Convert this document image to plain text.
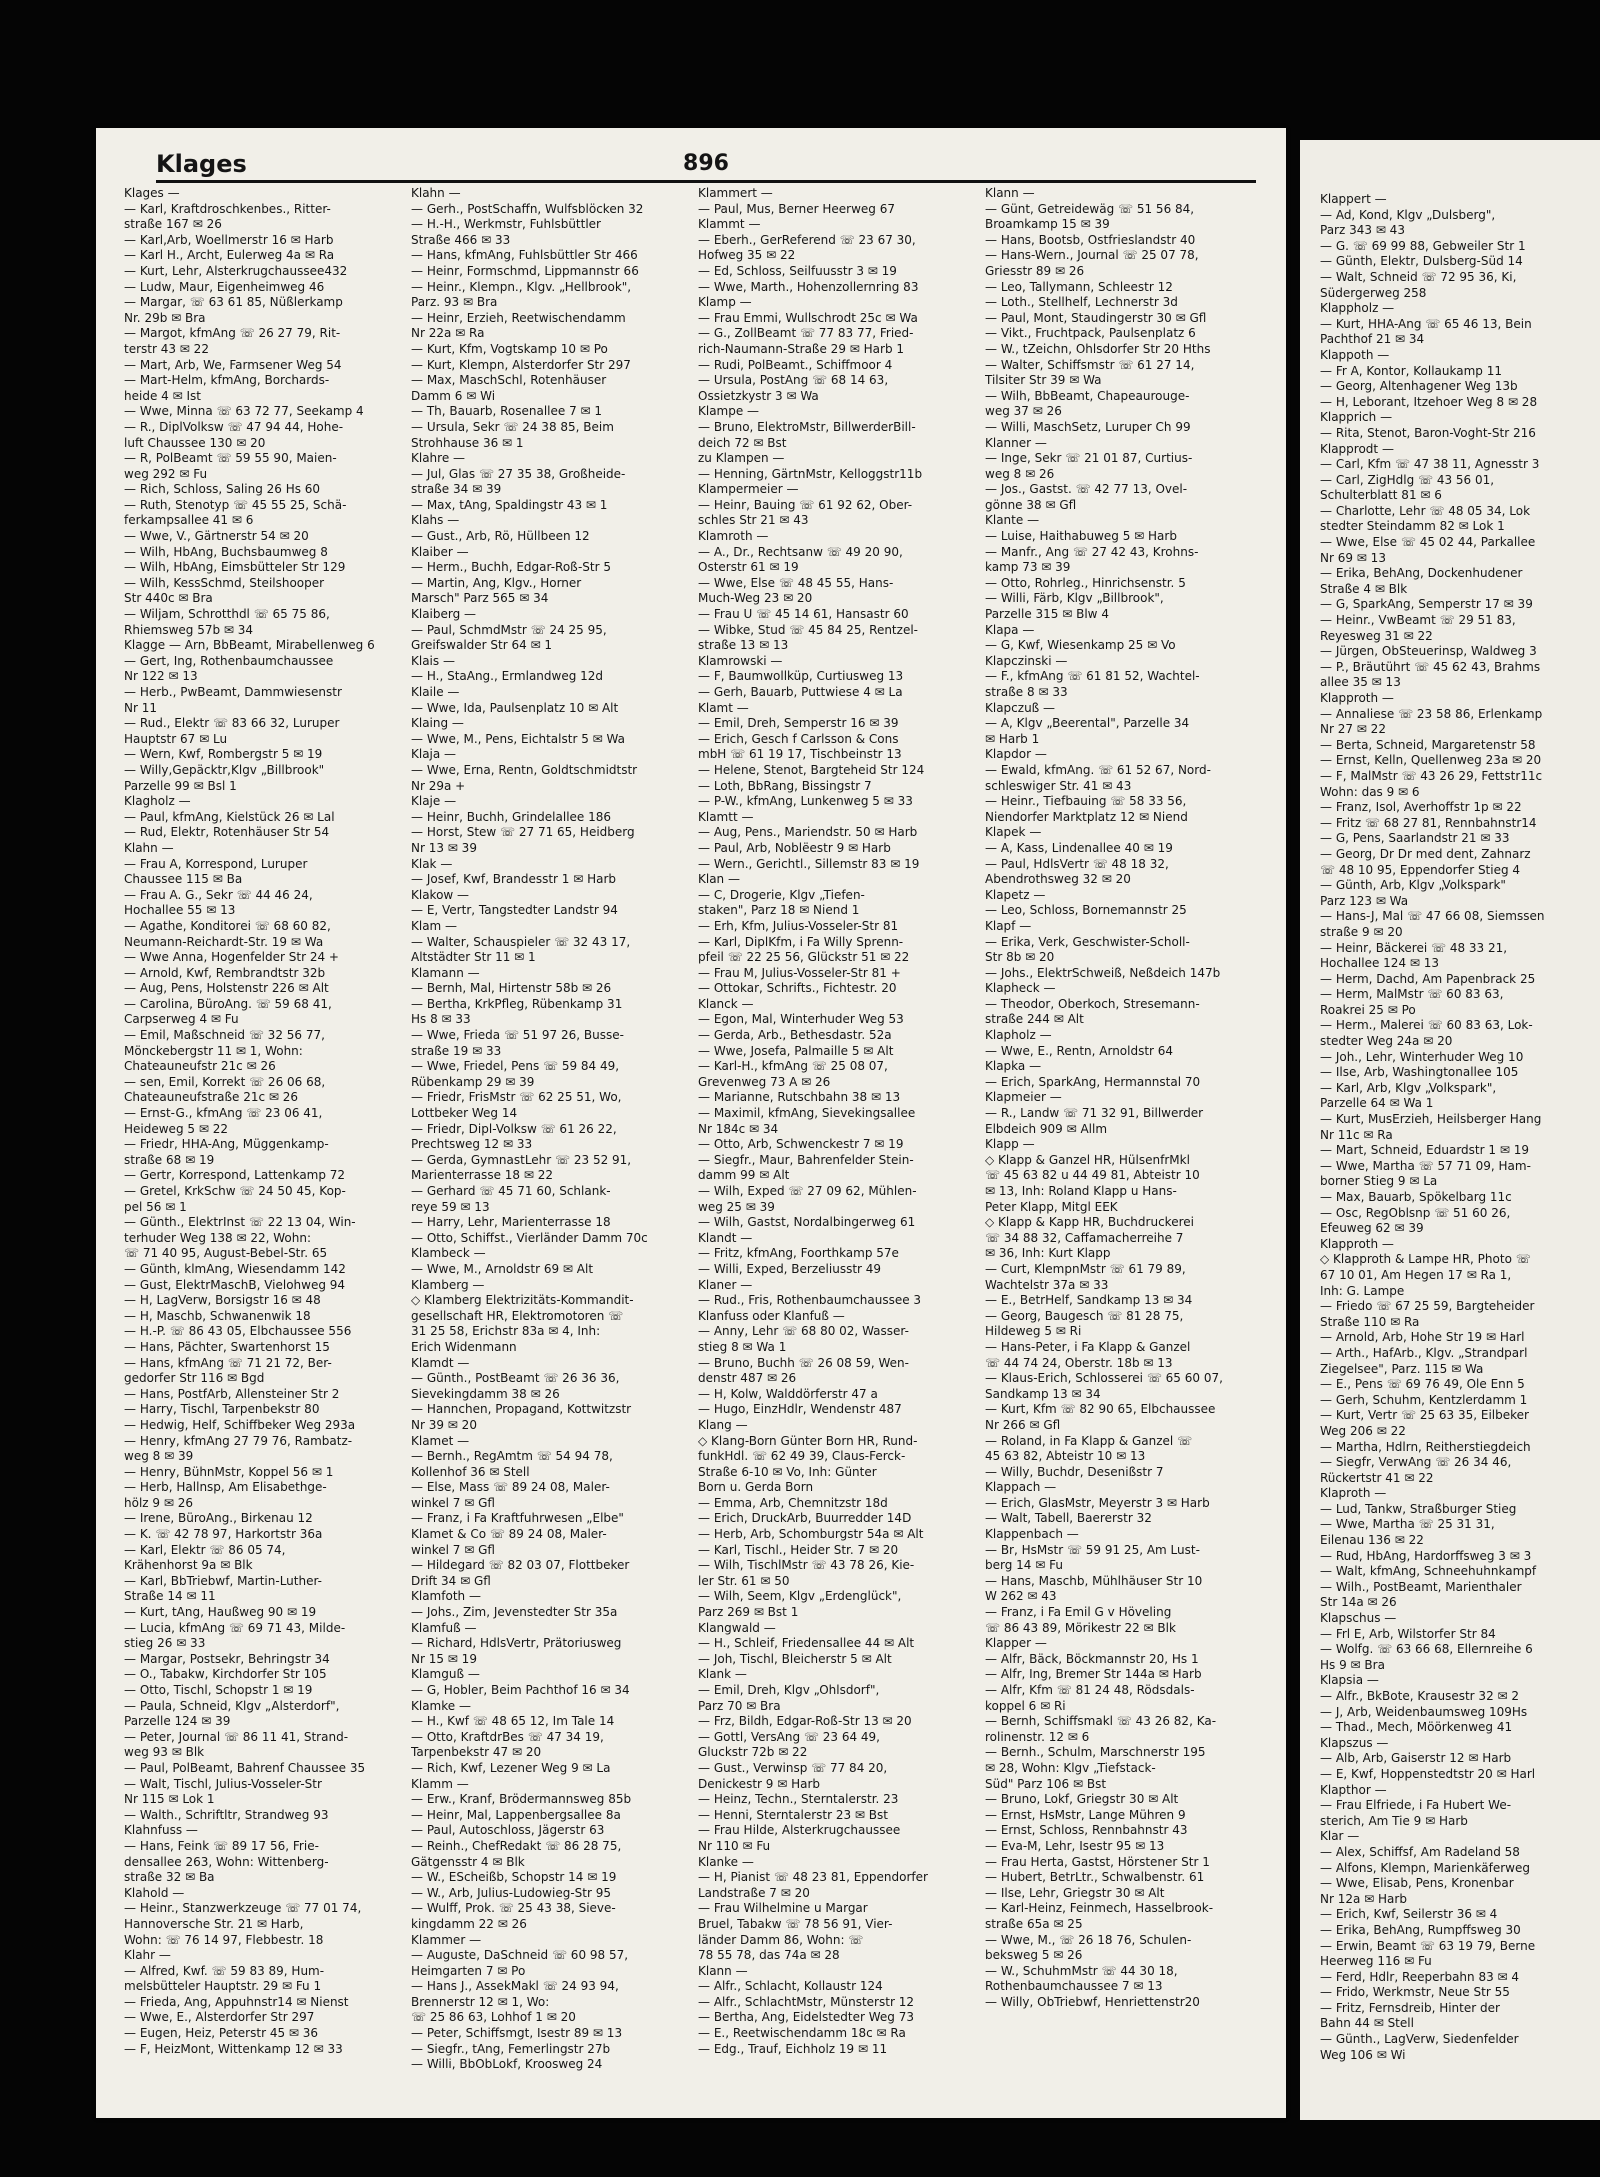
Klages	896
Klages —
— Karl, Kraftdroschkenbes., Ritter-
straße 167 ✉ 26
— Karl,Arb, Woellmerstr 16 ✉ Harb
— Karl H., Archt, Eulerweg 4a ✉ Ra
— Kurt, Lehr, Alsterkrugchaussee432
— Ludw, Maur, Eigenheimweg 46
— Margar, ☏ 63 61 85, Nüßlerkamp
Nr. 29b ✉ Bra
— Margot, kfmAng ☏ 26 27 79, Rit-
terstr 43 ✉ 22
— Mart, Arb, We, Farmsener Weg 54
— Mart-Helm, kfmAng, Borchards-
heide 4 ✉ Ist
— Wwe, Minna ☏ 63 72 77, Seekamp 4
— R., DiplVolksw ☏ 47 94 44, Hohe-
luft Chaussee 130 ✉ 20
— R, PolBeamt ☏ 59 55 90, Maien-
weg 292 ✉ Fu
— Rich, Schloss, Saling 26 Hs 60
— Ruth, Stenotyp ☏ 45 55 25, Schä-
ferkampsallee 41 ✉ 6
— Wwe, V., Gärtnerstr 54 ✉ 20
— Wilh, HbAng, Buchsbaumweg 8
— Wilh, HbAng, Eimsbütteler Str 129
— Wilh, KessSchmd, Steilshooper
Str 440c ✉ Bra
— Wiljam, Schrotthdl ☏ 65 75 86,
Rhiemsweg 57b ✉ 34
Klagge — Arn, BbBeamt, Mirabellenweg 6
— Gert, Ing, Rothenbaumchaussee
Nr 122 ✉ 13
— Herb., PwBeamt, Dammwiesenstr
Nr 11
— Rud., Elektr ☏ 83 66 32, Luruper
Hauptstr 67 ✉ Lu
— Wern, Kwf, Rombergstr 5 ✉ 19
— Willy,Gepäcktr,Klgv „Billbrook"
Parzelle 99 ✉ Bsl 1
Klagholz —
— Paul, kfmAng, Kielstück 26 ✉ Lal
— Rud, Elektr, Rotenhäuser Str 54
Klahn —
— Frau A, Korrespond, Luruper
Chaussee 115 ✉ Ba
— Frau A. G., Sekr ☏ 44 46 24,
Hochallee 55 ✉ 13
— Agathe, Konditorei ☏ 68 60 82,
Neumann-Reichardt-Str. 19 ✉ Wa
— Wwe Anna, Hogenfelder Str 24 +
— Arnold, Kwf, Rembrandtstr 32b
— Aug, Pens, Holstenstr 226 ✉ Alt
— Carolina, BüroAng. ☏ 59 68 41,
Carpserweg 4 ✉ Fu
— Emil, Maßschneid ☏ 32 56 77,
Mönckebergstr 11 ✉ 1, Wohn:
Chateauneufstr 21c ✉ 26
— sen, Emil, Korrekt ☏ 26 06 68,
Chateauneufstraße 21c ✉ 26
— Ernst-G., kfmAng ☏ 23 06 41,
Heideweg 5 ✉ 22
— Friedr, HHA-Ang, Müggenkamp-
straße 68 ✉ 19
— Gertr, Korrespond, Lattenkamp 72
— Gretel, KrkSchw ☏ 24 50 45, Kop-
pel 56 ✉ 1
— Günth., ElektrInst ☏ 22 13 04, Win-
terhuder Weg 138 ✉ 22, Wohn:
☏ 71 40 95, August-Bebel-Str. 65
— Günth, klmAng, Wiesendamm 142
— Gust, ElektrMaschB, Vielohweg 94
— H, LagVerw, Borsigstr 16 ✉ 48
— H, Maschb, Schwanenwik 18
— H.-P. ☏ 86 43 05, Elbchaussee 556
— Hans, Pächter, Swartenhorst 15
— Hans, kfmAng ☏ 71 21 72, Ber-
gedorfer Str 116 ✉ Bgd
— Hans, PostfArb, Allensteiner Str 2
— Harry, Tischl, Tarpenbekstr 80
— Hedwig, Helf, Schiffbeker Weg 293a
— Henry, kfmAng 27 79 76, Rambatz-
weg 8 ✉ 39
— Henry, BühnMstr, Koppel 56 ✉ 1
— Herb, Hallnsp, Am Elisabethge-
hölz 9 ✉ 26
— Irene, BüroAng., Birkenau 12
— K. ☏ 42 78 97, Harkortstr 36a
— Karl, Elektr ☏ 86 05 74,
Krähenhorst 9a ✉ Blk
— Karl, BbTriebwf, Martin-Luther-
Straße 14 ✉ 11
— Kurt, tAng, Haußweg 90 ✉ 19
— Lucia, kfmAng ☏ 69 71 43, Milde-
stieg 26 ✉ 33
— Margar, Postsekr, Behringstr 34
— O., Tabakw, Kirchdorfer Str 105
— Otto, Tischl, Schopstr 1 ✉ 19
— Paula, Schneid, Klgv „Alsterdorf",
Parzelle 124 ✉ 39
— Peter, Journal ☏ 86 11 41, Strand-
weg 93 ✉ Blk
— Paul, PolBeamt, Bahrenf Chaussee 35
— Walt, Tischl, Julius-Vosseler-Str
Nr 115 ✉ Lok 1
— Walth., Schriftltr, Strandweg 93
Klahnfuss —
— Hans, Feink ☏ 89 17 56, Frie-
densallee 263, Wohn: Wittenberg-
straße 32 ✉ Ba
Klahold —
— Heinr., Stanzwerkzeuge ☏ 77 01 74,
Hannoversche Str. 21 ✉ Harb,
Wohn: ☏ 76 14 97, Flebbestr. 18
Klahr —
— Alfred, Kwf. ☏ 59 83 89, Hum-
melsbütteler Hauptstr. 29 ✉ Fu 1
— Frieda, Ang, Appuhnstr14 ✉ Nienst
— Wwe, E., Alsterdorfer Str 297
— Eugen, Heiz, Peterstr 45 ✉ 36
— F, HeizMont, Wittenkamp 12 ✉ 33
Klahn —
— Gerh., PostSchaffn, Wulfsblöcken 32
— H.-H., Werkmstr, Fuhlsbüttler
Straße 466 ✉ 33
— Hans, kfmAng, Fuhlsbüttler Str 466
— Heinr, Formschmd, Lippmannstr 66
— Heinr., Klempn., Klgv. „Hellbrook",
Parz. 93 ✉ Bra
— Heinr, Erzieh, Reetwischendamm
Nr 22a ✉ Ra
— Kurt, Kfm, Vogtskamp 10 ✉ Po
— Kurt, Klempn, Alsterdorfer Str 297
— Max, MaschSchl, Rotenhäuser
Damm 6 ✉ Wi
— Th, Bauarb, Rosenallee 7 ✉ 1
— Ursula, Sekr ☏ 24 38 85, Beim
Strohhause 36 ✉ 1
Klahre —
— Jul, Glas ☏ 27 35 38, Großheide-
straße 34 ✉ 39
— Max, tAng, Spaldingstr 43 ✉ 1
Klahs —
— Gust., Arb, Rö, Hüllbeen 12
Klaiber —
— Herm., Buchh, Edgar-Roß-Str 5
— Martin, Ang, Klgv., Horner
Marsch" Parz 565 ✉ 34
Klaiberg —
— Paul, SchmdMstr ☏ 24 25 95,
Greifswalder Str 64 ✉ 1
Klais —
— H., StaAng., Ermlandweg 12d
Klaile —
— Wwe, Ida, Paulsenplatz 10 ✉ Alt
Klaing —
— Wwe, M., Pens, Eichtalstr 5 ✉ Wa
Klaja —
— Wwe, Erna, Rentn, Goldtschmidtstr
Nr 29a +
Klaje —
— Heinr, Buchh, Grindelallee 186
— Horst, Stew ☏ 27 71 65, Heidberg
Nr 13 ✉ 39
Klak —
— Josef, Kwf, Brandesstr 1 ✉ Harb
Klakow —
— E, Vertr, Tangstedter Landstr 94
Klam —
— Walter, Schauspieler ☏ 32 43 17,
Altstädter Str 11 ✉ 1
Klamann —
— Bernh, Mal, Hirtenstr 58b ✉ 26
— Bertha, KrkPfleg, Rübenkamp 31
Hs 8 ✉ 33
— Wwe, Frieda ☏ 51 97 26, Busse-
straße 19 ✉ 33
— Wwe, Friedel, Pens ☏ 59 84 49,
Rübenkamp 29 ✉ 39
— Friedr, FrisMstr ☏ 62 25 51, Wo,
Lottbeker Weg 14
— Friedr, Dipl-Volksw ☏ 61 26 22,
Prechtsweg 12 ✉ 33
— Gerda, GymnastLehr ☏ 23 52 91,
Marienterrasse 18 ✉ 22
— Gerhard ☏ 45 71 60, Schlank-
reye 59 ✉ 13
— Harry, Lehr, Marienterrasse 18
— Otto, Schiffst., Vierländer Damm 70c
Klambeck —
— Wwe, M., Arnoldstr 69 ✉ Alt
Klamberg —
◇ Klamberg Elektrizitäts-Kommandit-
gesellschaft HR, Elektromotoren ☏
31 25 58, Erichstr 83a ✉ 4, Inh:
Erich Widenmann
Klamdt —
— Günth., PostBeamt ☏ 26 36 36,
Sievekingdamm 38 ✉ 26
— Hannchen, Propagand, Kottwitzstr
Nr 39 ✉ 20
Klamet —
— Bernh., RegAmtm ☏ 54 94 78,
Kollenhof 36 ✉ Stell
— Else, Mass ☏ 89 24 08, Maler-
winkel 7 ✉ Gfl
— Franz, i Fa Kraftfuhrwesen „Elbe"
Klamet & Co ☏ 89 24 08, Maler-
winkel 7 ✉ Gfl
— Hildegard ☏ 82 03 07, Flottbeker
Drift 34 ✉ Gfl
Klamfoth —
— Johs., Zim, Jevenstedter Str 35a
Klamfuß —
— Richard, HdlsVertr, Prätoriusweg
Nr 15 ✉ 19
Klamguß —
— G, Hobler, Beim Pachthof 16 ✉ 34
Klamke —
— H., Kwf ☏ 48 65 12, Im Tale 14
— Otto, KraftdrBes ☏ 47 34 19,
Tarpenbekstr 47 ✉ 20
— Rich, Kwf, Lezener Weg 9 ✉ La
Klamm —
— Erw., Kranf, Brödermannsweg 85b
— Heinr, Mal, Lappenbergsallee 8a
— Paul, Autoschloss, Jägerstr 63
— Reinh., ChefRedakt ☏ 86 28 75,
Gätgensstr 4 ✉ Blk
— W., EScheißb, Schopstr 14 ✉ 19
— W., Arb, Julius-Ludowieg-Str 95
— Wulff, Prok. ☏ 25 43 38, Sieve-
kingdamm 22 ✉ 26
Klammer —
— Auguste, DaSchneid ☏ 60 98 57,
Heimgarten 7 ✉ Po
— Hans J., AssekMakl ☏ 24 93 94,
Brennerstr 12 ✉ 1, Wo:
☏ 25 86 63, Lohhof 1 ✉ 20
— Peter, Schiffsmgt, Isestr 89 ✉ 13
— Siegfr., tAng, Femerlingstr 27b
— Willi, BbObLokf, Kroosweg 24
Klammert —
— Paul, Mus, Berner Heerweg 67
Klammt —
— Eberh., GerReferend ☏ 23 67 30,
Hofweg 35 ✉ 22
— Ed, Schloss, Seilfuusstr 3 ✉ 19
— Wwe, Marth., Hohenzollernring 83
Klamp —
— Frau Emmi, Wullschrodt 25c ✉ Wa
— G., ZollBeamt ☏ 77 83 77, Fried-
rich-Naumann-Straße 29 ✉ Harb 1
— Rudi, PolBeamt., Schiffmoor 4
— Ursula, PostAng ☏ 68 14 63,
Ossietzkystr 3 ✉ Wa
Klampe —
— Bruno, ElektroMstr, BillwerderBill-
deich 72 ✉ Bst
zu Klampen —
— Henning, GärtnMstr, Kelloggstr11b
Klampermeier —
— Heinr, Bauing ☏ 61 92 62, Ober-
schles Str 21 ✉ 43
Klamroth —
— A., Dr., Rechtsanw ☏ 49 20 90,
Osterstr 61 ✉ 19
— Wwe, Else ☏ 48 45 55, Hans-
Much-Weg 23 ✉ 20
— Frau U ☏ 45 14 61, Hansastr 60
— Wibke, Stud ☏ 45 84 25, Rentzel-
straße 13 ✉ 13
Klamrowski —
— F, Baumwollküp, Curtiusweg 13
— Gerh, Bauarb, Puttwiese 4 ✉ La
Klamt —
— Emil, Dreh, Semperstr 16 ✉ 39
— Erich, Gesch f Carlsson & Cons
mbH ☏ 61 19 17, Tischbeinstr 13
— Helene, Stenot, Bargteheid Str 124
— Loth, BbRang, Bissingstr 7
— P-W., kfmAng, Lunkenweg 5 ✉ 33
Klamtt —
— Aug, Pens., Mariendstr. 50 ✉ Harb
— Paul, Arb, Noblëestr 9 ✉ Harb
— Wern., Gerichtl., Sillemstr 83 ✉ 19
Klan —
— C, Drogerie, Klgv „Tiefen-
staken", Parz 18 ✉ Niend 1
— Erh, Kfm, Julius-Vosseler-Str 81
— Karl, DiplKfm, i Fa Willy Sprenn-
pfeil ☏ 22 25 56, Glückstr 51 ✉ 22
— Frau M, Julius-Vosseler-Str 81 +
— Ottokar, Schrifts., Fichtestr. 20
Klanck —
— Egon, Mal, Winterhuder Weg 53
— Gerda, Arb., Bethesdastr. 52a
— Wwe, Josefa, Palmaille 5 ✉ Alt
— Karl-H., kfmAng ☏ 25 08 07,
Grevenweg 73 A ✉ 26
— Marianne, Rutschbahn 38 ✉ 13
— Maximil, kfmAng, Sievekingsallee
Nr 184c ✉ 34
— Otto, Arb, Schwenckestr 7 ✉ 19
— Siegfr., Maur, Bahrenfelder Stein-
damm 99 ✉ Alt
— Wilh, Exped ☏ 27 09 62, Mühlen-
weg 25 ✉ 39
— Wilh, Gastst, Nordalbingerweg 61
Klandt —
— Fritz, kfmAng, Foorthkamp 57e
— Willi, Exped, Berzeliusstr 49
Klaner —
— Rud., Fris, Rothenbaumchaussee 3
Klanfuss oder Klanfuß —
— Anny, Lehr ☏ 68 80 02, Wasser-
stieg 8 ✉ Wa 1
— Bruno, Buchh ☏ 26 08 59, Wen-
denstr 487 ✉ 26
— H, Kolw, Walddörferstr 47 a
— Hugo, EinzHdlr, Wendenstr 487
Klang —
◇ Klang-Born Günter Born HR, Rund-
funkHdl. ☏ 62 49 39, Claus-Ferck-
Straße 6-10 ✉ Vo, Inh: Günter
Born u. Gerda Born
— Emma, Arb, Chemnitzstr 18d
— Erich, DruckArb, Buurredder 14D
— Herb, Arb, Schomburgstr 54a ✉ Alt
— Karl, Tischl., Heider Str. 7 ✉ 20
— Wilh, TischlMstr ☏ 43 78 26, Kie-
ler Str. 61 ✉ 50
— Wilh, Seem, Klgv „Erdenglück",
Parz 269 ✉ Bst 1
Klangwald —
— H., Schleif, Friedensallee 44 ✉ Alt
— Joh, Tischl, Bleicherstr 5 ✉ Alt
Klank —
— Emil, Dreh, Klgv „Ohlsdorf",
Parz 70 ✉ Bra
— Frz, Bildh, Edgar-Roß-Str 13 ✉ 20
— Gottl, VersAng ☏ 23 64 49,
Gluckstr 72b ✉ 22
— Gust., Verwinsp ☏ 77 84 20,
Denickestr 9 ✉ Harb
— Heinz, Techn., Sterntalerstr. 23
— Henni, Sterntalerstr 23 ✉ Bst
— Frau Hilde, Alsterkrugchaussee
Nr 110 ✉ Fu
Klanke —
— H, Pianist ☏ 48 23 81, Eppendorfer
Landstraße 7 ✉ 20
— Frau Wilhelmine u Margar
Bruel, Tabakw ☏ 78 56 91, Vier-
länder Damm 86, Wohn: ☏
78 55 78, das 74a ✉ 28
Klann —
— Alfr., Schlacht, Kollaustr 124
— Alfr., SchlachtMstr, Münsterstr 12
— Bertha, Ang, Eidelstedter Weg 73
— E., Reetwischendamm 18c ✉ Ra
— Edg., Trauf, Eichholz 19 ✉ 11
Klann —
— Günt, Getreidewäg ☏ 51 56 84,
Broamkamp 15 ✉ 39
— Hans, Bootsb, Ostfrieslandstr 40
— Hans-Wern., Journal ☏ 25 07 78,
Griesstr 89 ✉ 26
— Leo, Tallymann, Schleestr 12
— Loth., Stellhelf, Lechnerstr 3d
— Paul, Mont, Staudingerstr 30 ✉ Gfl
— Vikt., Fruchtpack, Paulsenplatz 6
— W., tZeichn, Ohlsdorfer Str 20 Hths
— Walter, Schiffsmstr ☏ 61 27 14,
Tilsiter Str 39 ✉ Wa
— Wilh, BbBeamt, Chapeaurouge-
weg 37 ✉ 26
— Willi, MaschSetz, Luruper Ch 99
Klanner —
— Inge, Sekr ☏ 21 01 87, Curtius-
weg 8 ✉ 26
— Jos., Gastst. ☏ 42 77 13, Ovel-
gönne 38 ✉ Gfl
Klante —
— Luise, Haithabuweg 5 ✉ Harb
— Manfr., Ang ☏ 27 42 43, Krohns-
kamp 73 ✉ 39
— Otto, Rohrleg., Hinrichsenstr. 5
— Willi, Färb, Klgv „Billbrook",
Parzelle 315 ✉ Blw 4
Klapa —
— G, Kwf, Wiesenkamp 25 ✉ Vo
Klapczinski —
— F., kfmAng ☏ 61 81 52, Wachtel-
straße 8 ✉ 33
Klapczuß —
— A, Klgv „Beerental", Parzelle 34
✉ Harb 1
Klapdor —
— Ewald, kfmAng. ☏ 61 52 67, Nord-
schleswiger Str. 41 ✉ 43
— Heinr., Tiefbauing ☏ 58 33 56,
Niendorfer Marktplatz 12 ✉ Niend
Klapek —
— A, Kass, Lindenallee 40 ✉ 19
— Paul, HdlsVertr ☏ 48 18 32,
Abendrothsweg 32 ✉ 20
Klapetz —
— Leo, Schloss, Bornemannstr 25
Klapf —
— Erika, Verk, Geschwister-Scholl-
Str 8b ✉ 20
— Johs., ElektrSchweiß, Neßdeich 147b
Klapheck —
— Theodor, Oberkoch, Stresemann-
straße 244 ✉ Alt
Klapholz —
— Wwe, E., Rentn, Arnoldstr 64
Klapka —
— Erich, SparkAng, Hermannstal 70
Klapmeier —
— R., Landw ☏ 71 32 91, Billwerder
Elbdeich 909 ✉ Allm
Klapp —
◇ Klapp & Ganzel HR, HülsenfrMkl
☏ 45 63 82 u 44 49 81, Abteistr 10
✉ 13, Inh: Roland Klapp u Hans-
Peter Klapp, Mitgl EEK
◇ Klapp & Kapp HR, Buchdruckerei
☏ 34 88 32, Caffamacherreihe 7
✉ 36, Inh: Kurt Klapp
— Curt, KlempnMstr ☏ 61 79 89,
Wachtelstr 37a ✉ 33
— E., BetrHelf, Sandkamp 13 ✉ 34
— Georg, Baugesch ☏ 81 28 75,
Hildeweg 5 ✉ Ri
— Hans-Peter, i Fa Klapp & Ganzel
☏ 44 74 24, Oberstr. 18b ✉ 13
— Klaus-Erich, Schlosserei ☏ 65 60 07,
Sandkamp 13 ✉ 34
— Kurt, Kfm ☏ 82 90 65, Elbchaussee
Nr 266 ✉ Gfl
— Roland, in Fa Klapp & Ganzel ☏
45 63 82, Abteistr 10 ✉ 13
— Willy, Buchdr, Desenißstr 7
Klappach —
— Erich, GlasMstr, Meyerstr 3 ✉ Harb
— Walt, Tabell, Baererstr 32
Klappenbach —
— Br, HsMstr ☏ 59 91 25, Am Lust-
berg 14 ✉ Fu
— Hans, Maschb, Mühlhäuser Str 10
W 262 ✉ 43
— Franz, i Fa Emil G v Höveling
☏ 86 43 89, Mörikestr 22 ✉ Blk
Klapper —
— Alfr, Bäck, Böckmannstr 20, Hs 1
— Alfr, Ing, Bremer Str 144a ✉ Harb
— Alfr, Kfm ☏ 81 24 48, Rödsdals-
koppel 6 ✉ Ri
— Bernh, Schiffsmakl ☏ 43 26 82, Ka-
rolinenstr. 12 ✉ 6
— Bernh., Schulm, Marschnerstr 195
✉ 28, Wohn: Klgv „Tiefstack-
Süd" Parz 106 ✉ Bst
— Bruno, Lokf, Griegstr 30 ✉ Alt
— Ernst, HsMstr, Lange Mühren 9
— Ernst, Schloss, Rennbahnstr 43
— Eva-M, Lehr, Isestr 95 ✉ 13
— Frau Herta, Gastst, Hörstener Str 1
— Hubert, BetrLtr., Schwalbenstr. 61
— Ilse, Lehr, Griegstr 30 ✉ Alt
— Karl-Heinz, Feinmech, Hasselbrook-
straße 65a ✉ 25
— Wwe, M., ☏ 26 18 76, Schulen-
beksweg 5 ✉ 26
— W., SchuhmMstr ☏ 44 30 18,
Rothenbaumchaussee 7 ✉ 13
— Willy, ObTriebwf, Henriettenstr20
Klappert —
— Ad, Kond, Klgv „Dulsberg",
Parz 343 ✉ 43
— G. ☏ 69 99 88, Gebweiler Str 1
— Günth, Elektr, Dulsberg-Süd 14
— Walt, Schneid ☏ 72 95 36, Ki,
Südergerweg 258
Klappholz —
— Kurt, HHA-Ang ☏ 65 46 13, Bein
Pachthof 21 ✉ 34
Klappoth —
— Fr A, Kontor, Kollaukamp 11
— Georg, Altenhagener Weg 13b
— H, Leborant, Itzehoer Weg 8 ✉ 28
Klapprich —
— Rita, Stenot, Baron-Voght-Str 216
Klapprodt —
— Carl, Kfm ☏ 47 38 11, Agnesstr 3
— Carl, ZigHdlg ☏ 43 56 01,
Schulterblatt 81 ✉ 6
— Charlotte, Lehr ☏ 48 05 34, Lok
stedter Steindamm 82 ✉ Lok 1
— Wwe, Else ☏ 45 02 44, Parkallee
Nr 69 ✉ 13
— Erika, BehAng, Dockenhudener
Straße 4 ✉ Blk
— G, SparkAng, Semperstr 17 ✉ 39
— Heinr., VwBeamt ☏ 29 51 83,
Reyesweg 31 ✉ 22
— Jürgen, ObSteuerinsp, Waldweg 3
— P., Bräutührt ☏ 45 62 43, Brahms
allee 35 ✉ 13
Klapproth —
— Annaliese ☏ 23 58 86, Erlenkamp
Nr 27 ✉ 22
— Berta, Schneid, Margaretenstr 58
— Ernst, Kelln, Quellenweg 23a ✉ 20
— F, MalMstr ☏ 43 26 29, Fettstr11c
Wohn: das 9 ✉ 6
— Franz, Isol, Averhoffstr 1p ✉ 22
— Fritz ☏ 68 27 81, Rennbahnstr14
— G, Pens, Saarlandstr 21 ✉ 33
— Georg, Dr Dr med dent, Zahnarz
☏ 48 10 95, Eppendorfer Stieg 4
— Günth, Arb, Klgv „Volkspark"
Parz 123 ✉ Wa
— Hans-J, Mal ☏ 47 66 08, Siemssen
straße 9 ✉ 20
— Heinr, Bäckerei ☏ 48 33 21,
Hochallee 124 ✉ 13
— Herm, Dachd, Am Papenbrack 25
— Herm, MalMstr ☏ 60 83 63,
Roakrei 25 ✉ Po
— Herm., Malerei ☏ 60 83 63, Lok-
stedter Weg 24a ✉ 20
— Joh., Lehr, Winterhuder Weg 10
— Ilse, Arb, Washingtonallee 105
— Karl, Arb, Klgv „Volkspark",
Parzelle 64 ✉ Wa 1
— Kurt, MusErzieh, Heilsberger Hang
Nr 11c ✉ Ra
— Mart, Schneid, Eduardstr 1 ✉ 19
— Wwe, Martha ☏ 57 71 09, Ham-
borner Stieg 9 ✉ La
— Max, Bauarb, Spökelbarg 11c
— Osc, RegOblsnp ☏ 51 60 26,
Efeuweg 62 ✉ 39
Klapproth —
◇ Klapproth & Lampe HR, Photo ☏
67 10 01, Am Hegen 17 ✉ Ra 1,
Inh: G. Lampe
— Friedo ☏ 67 25 59, Bargteheider
Straße 110 ✉ Ra
— Arnold, Arb, Hohe Str 19 ✉ Harl
— Arth., HafArb., Klgv. „Strandparl
Ziegelsee", Parz. 115 ✉ Wa
— E., Pens ☏ 69 76 49, Ole Enn 5
— Gerh, Schuhm, Kentzlerdamm 1
— Kurt, Vertr ☏ 25 63 35, Eilbeker
Weg 206 ✉ 22
— Martha, Hdlrn, Reitherstiegdeich
— Siegfr, VerwAng ☏ 26 34 46,
Rückertstr 41 ✉ 22
Klaproth —
— Lud, Tankw, Straßburger Stieg
— Wwe, Martha ☏ 25 31 31,
Eilenau 136 ✉ 22
— Rud, HbAng, Hardorffsweg 3 ✉ 3
— Walt, kfmAng, Schneehuhnkampf
— Wilh., PostBeamt, Marienthaler
Str 14a ✉ 26
Klapschus —
— Frl E, Arb, Wilstorfer Str 84
— Wolfg. ☏ 63 66 68, Ellernreihe 6
Hs 9 ✉ Bra
Klapsia —
— Alfr., BkBote, Krausestr 32 ✉ 2
— J, Arb, Weidenbaumsweg 109Hs
— Thad., Mech, Möörkenweg 41
Klapszus —
— Alb, Arb, Gaiserstr 12 ✉ Harb
— E, Kwf, Hoppenstedtstr 20 ✉ Harl
Klapthor —
— Frau Elfriede, i Fa Hubert We-
sterich, Am Tie 9 ✉ Harb
Klar —
— Alex, Schiffsf, Am Radeland 58
— Alfons, Klempn, Marienkäferweg
— Wwe, Elisab, Pens, Kronenbar
Nr 12a ✉ Harb
— Erich, Kwf, Seilerstr 36 ✉ 4
— Erika, BehAng, Rumpffsweg 30
— Erwin, Beamt ☏ 63 19 79, Berne
Heerweg 116 ✉ Fu
— Ferd, Hdlr, Reeperbahn 83 ✉ 4
— Frido, Werkmstr, Neue Str 55
— Fritz, Fernsdreib, Hinter der
Bahn 44 ✉ Stell
— Günth., LagVerw, Siedenfelder
Weg 106 ✉ Wi
